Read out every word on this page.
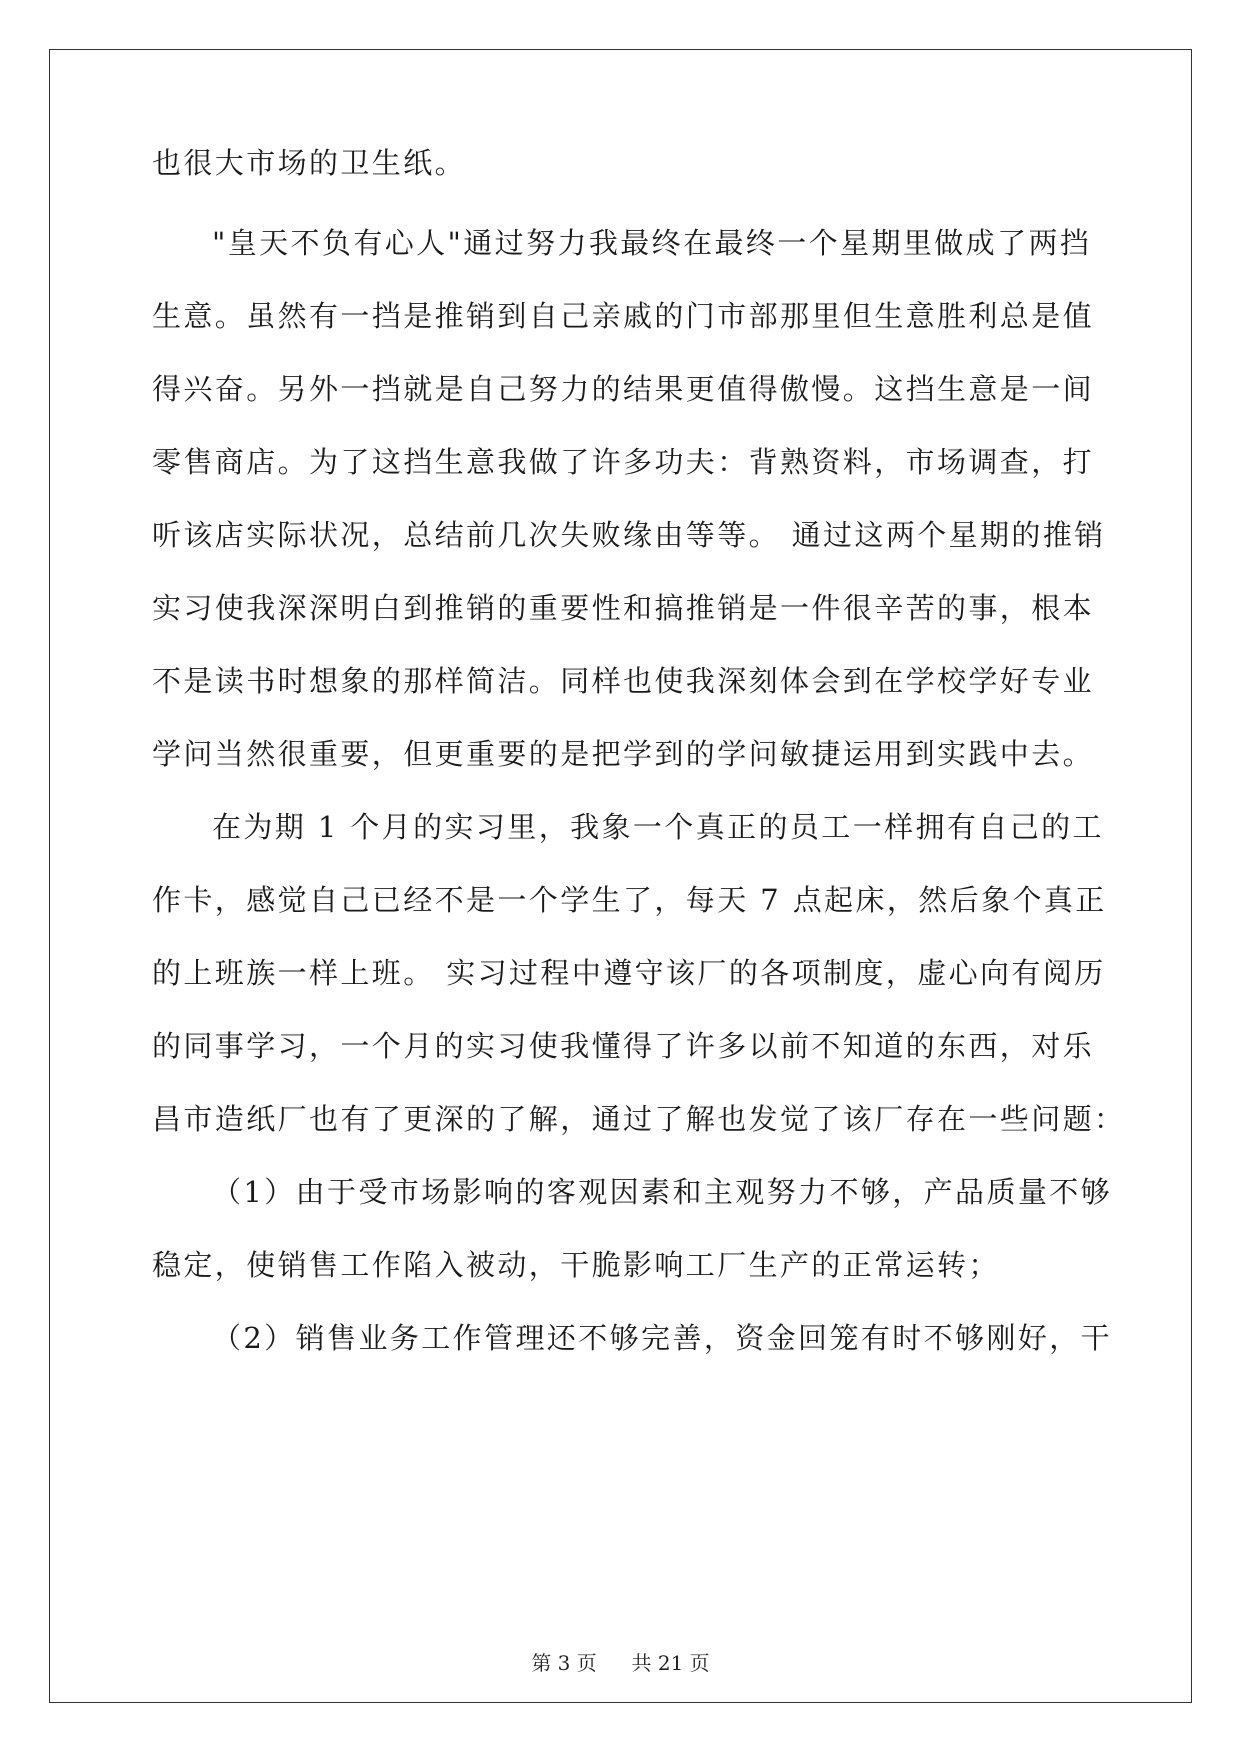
也很大市场的卫生纸。
"皇天不负有心人"通过努力我最终在最终一个星期里做成了两挡
生意。虽然有一挡是推销到自己亲戚的门市部那里但生意胜利总是值
得兴奋。另外一挡就是自己努力的结果更值得傲慢。这挡生意是一间
零售商店。为了这挡生意我做了许多功夫：背熟资料，市场调查，打
听该店实际状况，总结前几次失败缘由等等。 通过这两个星期的推销
实习使我深深明白到推销的重要性和搞推销是一件很辛苦的事，根本
不是读书时想象的那样简洁。同样也使我深刻体会到在学校学好专业
学问当然很重要，但更重要的是把学到的学问敏捷运用到实践中去。
在为期 1 个月的实习里，我象一个真正的员工一样拥有自己的工
作卡，感觉自己已经不是一个学生了，每天 7 点起床，然后象个真正
的上班族一样上班。 实习过程中遵守该厂的各项制度，虚心向有阅历
的同事学习，一个月的实习使我懂得了许多以前不知道的东西，对乐
昌市造纸厂也有了更深的了解，通过了解也发觉了该厂存在一些问题：
（1）由于受市场影响的客观因素和主观努力不够，产品质量不够
稳定，使销售工作陷入被动，干脆影响工厂生产的正常运转；
（2）销售业务工作管理还不够完善，资金回笼有时不够刚好，干
第 3 页 共 21 页
